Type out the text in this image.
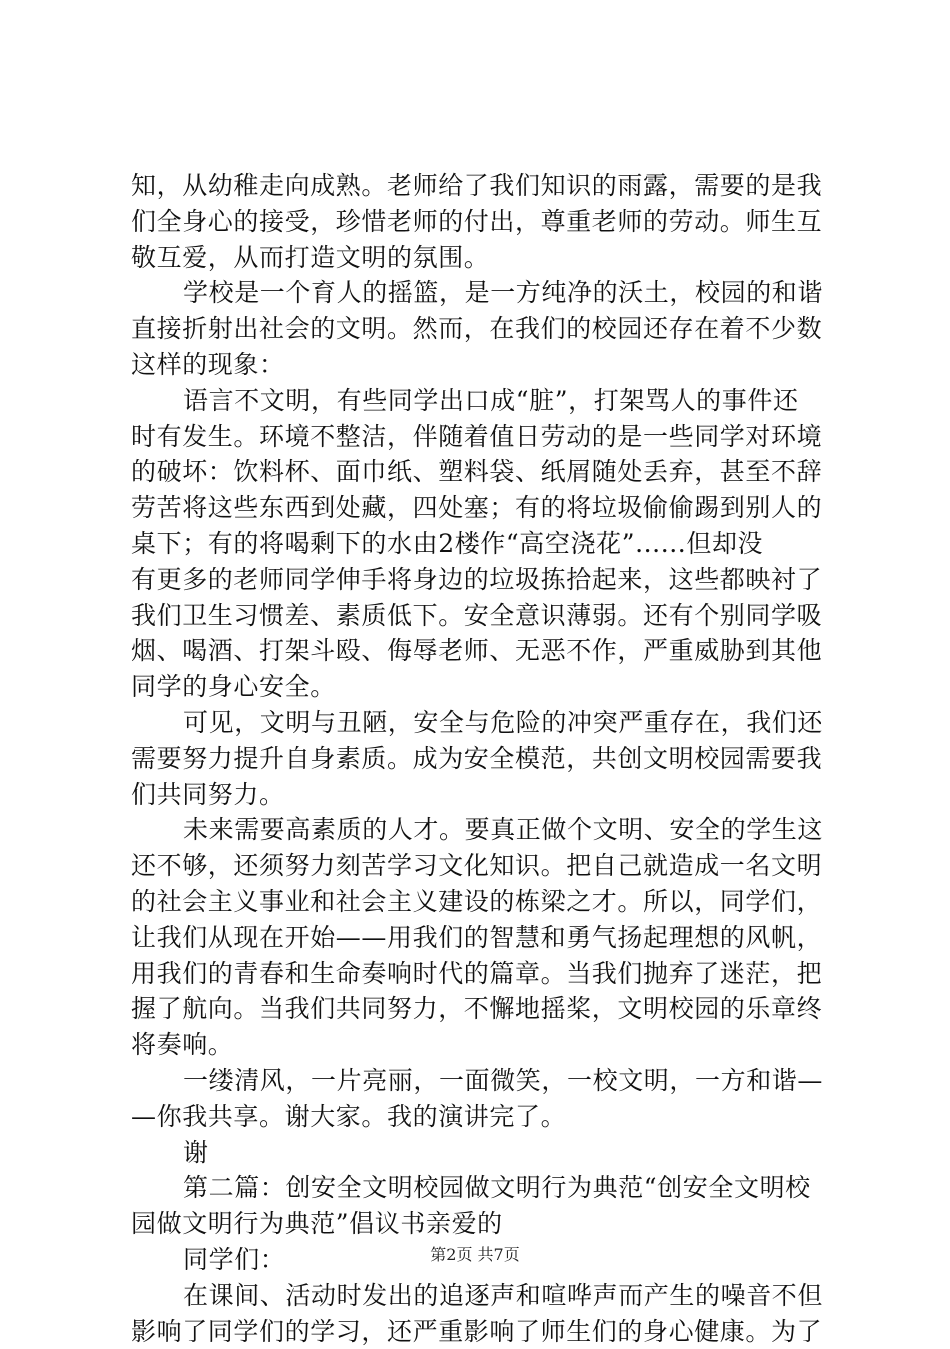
知，从幼稚走向成熟。老师给了我们知识的雨露，需要的是我
们全身心的接受，珍惜老师的付出，尊重老师的劳动。师生互
敬互爱，从而打造文明的氛围。
学校是一个育人的摇篮，是一方纯净的沃土，校园的和谐
直接折射出社会的文明。然而，在我们的校园还存在着不少数
这样的现象：
语言不文明，有些同学出口成“脏”，打架骂人的事件还
时有发生。环境不整洁，伴随着值日劳动的是一些同学对环境
的破坏：饮料杯、面巾纸、塑料袋、纸屑随处丢弃，甚至不辞
劳苦将这些东西到处藏，四处塞；有的将垃圾偷偷踢到别人的
桌下；有的将喝剩下的水由2楼作“高空浇花”......但却没
有更多的老师同学伸手将身边的垃圾拣拾起来，这些都映衬了
我们卫生习惯差、素质低下。安全意识薄弱。还有个别同学吸
烟、喝酒、打架斗殴、侮辱老师、无恶不作，严重威胁到其他
同学的身心安全。
可见，文明与丑陋，安全与危险的冲突严重存在，我们还
需要努力提升自身素质。成为安全模范，共创文明校园需要我
们共同努力。
未来需要高素质的人才。要真正做个文明、安全的学生这
还不够，还须努力刻苦学习文化知识。把自己就造成一名文明
的社会主义事业和社会主义建设的栋梁之才。所以，同学们，
让我们从现在开始——用我们的智慧和勇气扬起理想的风帆，
用我们的青春和生命奏响时代的篇章。当我们抛弃了迷茫，把
握了航向。当我们共同努力，不懈地摇桨，文明校园的乐章终
将奏响。
一缕清风，一片亮丽，一面微笑，一校文明，一方和谐—
—你我共享。谢大家。我的演讲完了。
谢
第二篇：创安全文明校园做文明行为典范“创安全文明校
园做文明行为典范”倡议书亲爱的
同学们：
在课间、活动时发出的追逐声和喧哗声而产生的噪音不但
影响了同学们的学习，还严重影响了师生们的身心健康。为了
第2页 共7页
